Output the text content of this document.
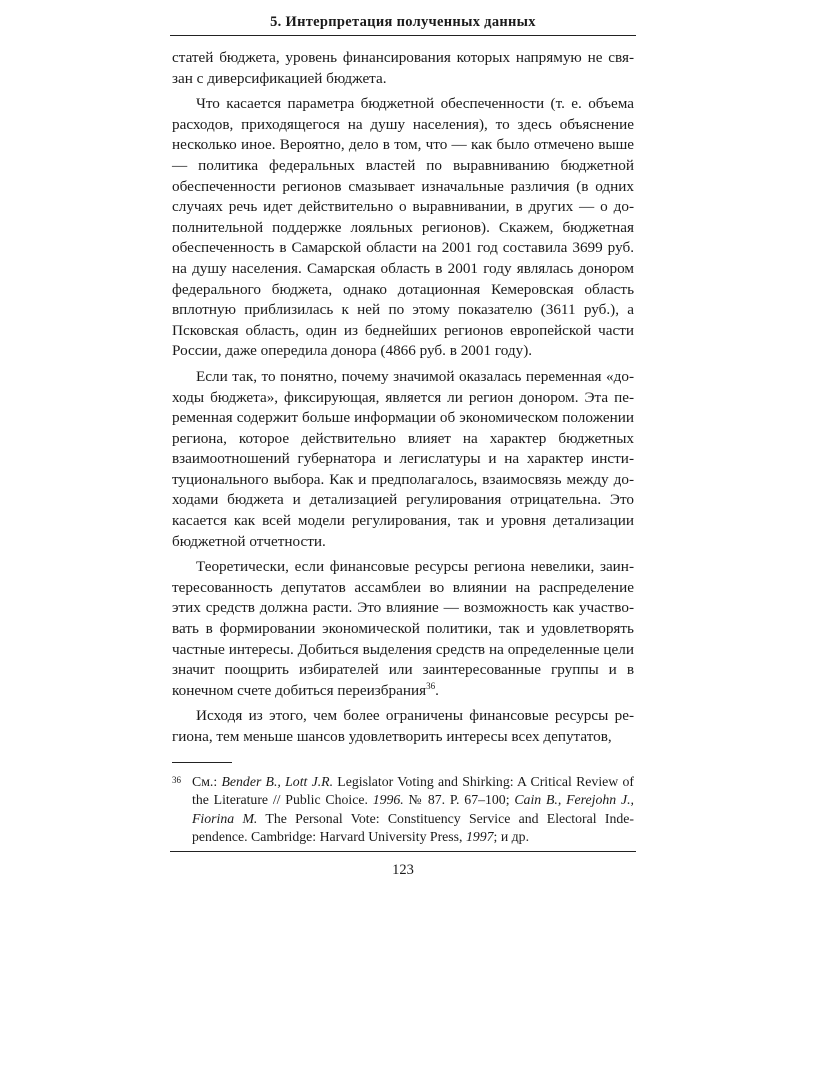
5. Интерпретация полученных данных

статей бюджета, уровень финансирования которых напрямую не связан с диверсификацией бюджета.

Что касается параметра бюджетной обеспеченности (т. е. объема расходов, приходящегося на душу населения), то здесь объяснение несколько иное. Вероятно, дело в том, что — как было отмечено выше — политика федеральных властей по выравниванию бюджетной обеспеченности регионов смазывает изначальные различия (в одних случаях речь идет действительно о выравнивании, в других — о дополнительной поддержке лояльных регионов). Скажем, бюджетная обеспеченность в Самарской области на 2001 год составила 3699 руб. на душу населения. Самарская область в 2001 году являлась донором федерального бюджета, однако дотационная Кемеровская область вплотную приблизилась к ней по этому показателю (3611 руб.), а Псковская область, один из беднейших регионов европейской части России, даже опередила донора (4866 руб. в 2001 году).

Если так, то понятно, почему значимой оказалась переменная «доходы бюджета», фиксирующая, является ли регион донором. Эта переменная содержит больше информации об экономическом положении региона, которое действительно влияет на характер бюджетных взаимоотношений губернатора и легислатуры и на характер институционального выбора. Как и предполагалось, взаимосвязь между доходами бюджета и детализацией регулирования отрицательна. Это касается как всей модели регулирования, так и уровня детализации бюджетной отчетности.

Теоретически, если финансовые ресурсы региона невелики, заинтересованность депутатов ассамблеи во влиянии на распределение этих средств должна расти. Это влияние — возможность как участвовать в формировании экономической политики, так и удовлетворять частные интересы. Добиться выделения средств на определенные цели значит поощрить избирателей или заинтересованные группы и в конечном счете добиться переизбрания$^{36}$.

Исходя из этого, чем более ограничены финансовые ресурсы региона, тем меньше шансов удовлетворить интересы всех депутатов,

36 См.: Bender B., Lott J.R. Legislator Voting and Shirking: A Critical Review of the Literature // Public Choice. 1996. № 87. P. 67–100; Cain B., Ferejohn J., Fiorina M. The Personal Vote: Constituency Service and Electoral Independence. Cambridge: Harvard University Press, 1997; и др.

123
